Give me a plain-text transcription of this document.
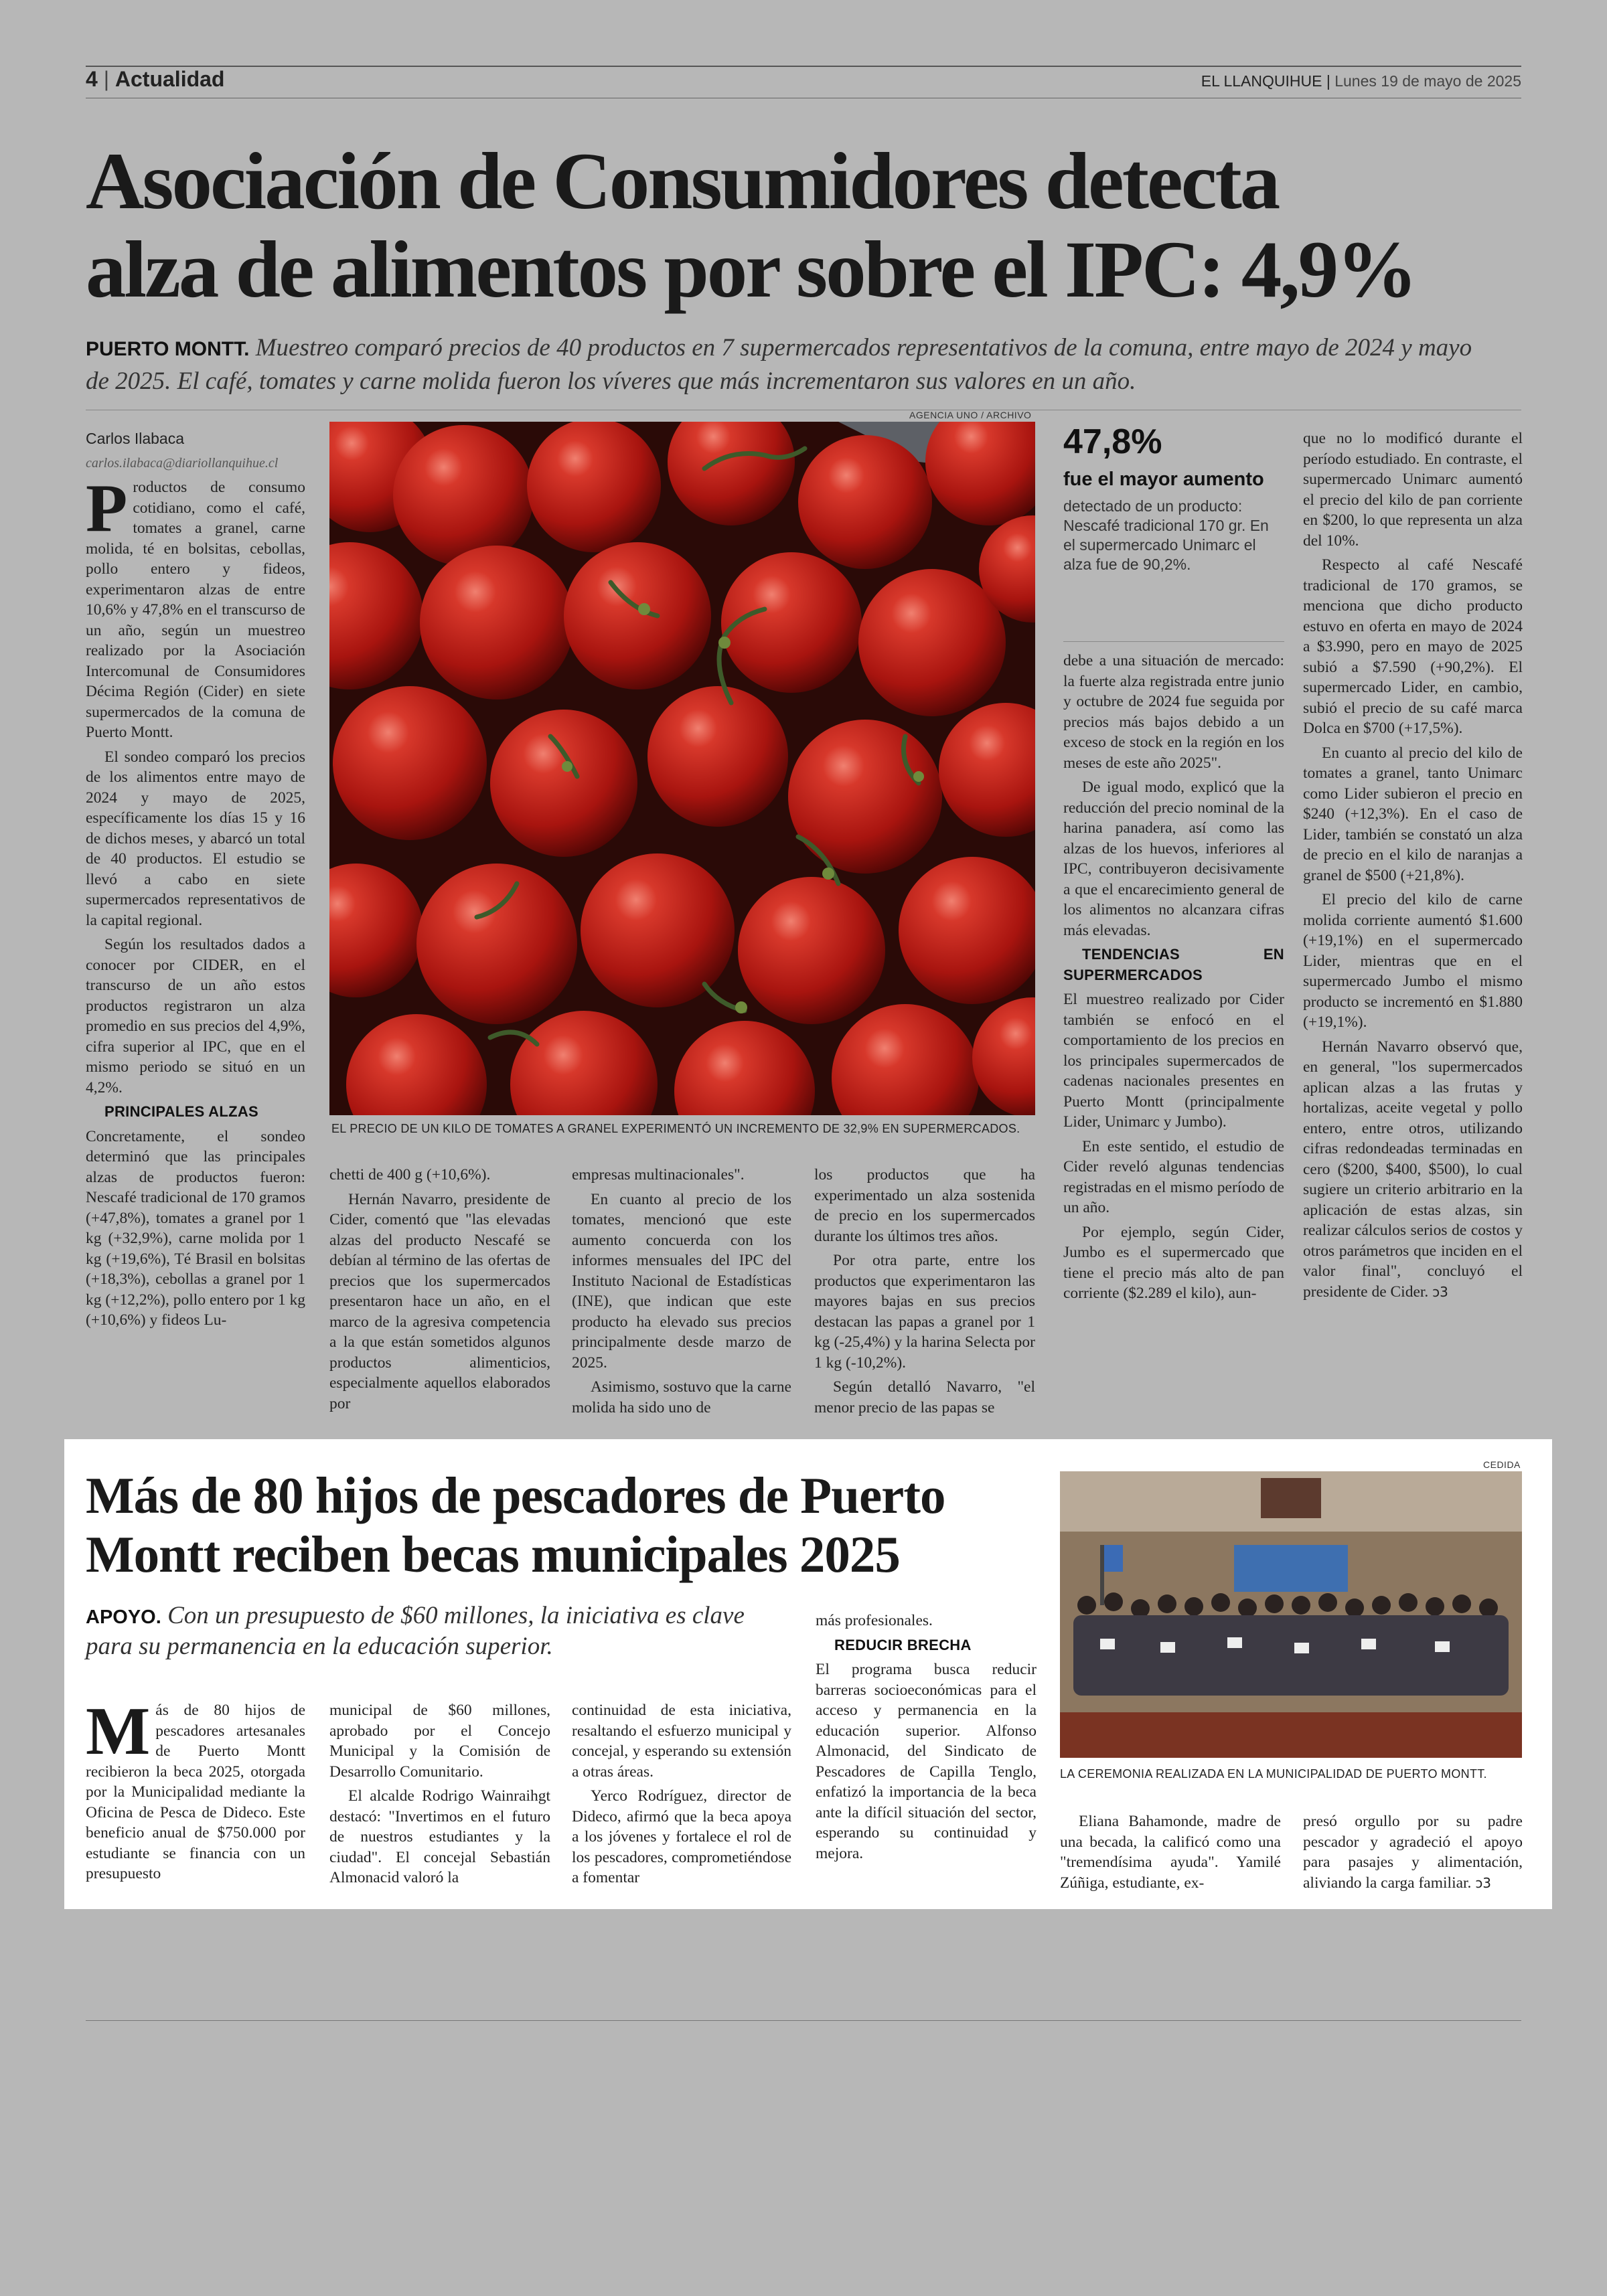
4 | Actualidad	EL LLANQUIHUE | Lunes 19 de mayo de 2025
Asociación de Consumidores detecta
alza de alimentos por sobre el IPC: 4,9%

PUERTO MONTT. Muestreo comparó precios de 40 productos en 7 supermercados representativos de la comuna, entre mayo de 2024 y mayo de 2025. El café, tomates y carne molida fueron los víveres que más incrementaron sus valores en un año.

Carlos Ilabaca

carlos.ilabaca@diariollanquihue.cl

Productos de consumo cotidiano, como el café, tomates a granel, carne molida, té en bolsitas, cebollas, pollo entero y fideos, experimentaron alzas de entre 10,6% y 47,8% en el transcurso de un año, según un muestreo realizado por la Asociación Intercomunal de Consumidores Décima Región (Cider) en siete supermercados de la comuna de Puerto Montt.

El sondeo comparó los precios de los alimentos entre mayo de 2024 y mayo de 2025, específicamente los días 15 y 16 de dichos meses, y abarcó un total de 40 productos. El estudio se llevó a cabo en siete supermercados representativos de la capital regional.

Según los resultados dados a conocer por CIDER, en el transcurso de un año estos productos registraron un alza promedio en sus precios del 4,9%, cifra superior al IPC, que en el mismo periodo se situó en un 4,2%.

PRINCIPALES ALZAS

Concretamente, el sondeo determinó que las principales alzas de productos fueron: Nescafé tradicional de 170 gramos (+47,8%), tomates a granel por 1 kg (+32,9%), carne molida por 1 kg (+19,6%), Té Brasil en bolsitas (+18,3%), cebollas a granel por 1 kg (+12,2%), pollo entero por 1 kg (+10,6%) y fideos Lu-

AGENCIA UNO / ARCHIVO
EL PRECIO DE UN KILO DE TOMATES A GRANEL EXPERIMENTÓ UN INCREMENTO DE 32,9% EN SUPERMERCADOS.

chetti de 400 g (+10,6%).

Hernán Navarro, presidente de Cider, comentó que "las elevadas alzas del producto Nescafé se debían al término de las ofertas de precios que los supermercados presentaron hace un año, en el marco de la agresiva competencia a la que están sometidos algunos productos alimenticios, especialmente aquellos elaborados por

empresas multinacionales".

En cuanto al precio de los tomates, mencionó que este aumento concuerda con los informes mensuales del IPC del Instituto Nacional de Estadísticas (INE), que indican que este producto ha elevado sus precios principalmente desde marzo de 2025.

Asimismo, sostuvo que la carne molida ha sido uno de

los productos que ha experimentado un alza sostenida de precio en los supermercados durante los últimos tres años.

Por otra parte, entre los productos que experimentaron las mayores bajas en sus precios destacan las papas a granel por 1 kg (-25,4%) y la harina Selecta por 1 kg (-10,2%).

Según detalló Navarro, "el menor precio de las papas se

47,8%
fue el mayor aumento
detectado de un producto: Nescafé tradicional 170 gr. En el supermercado Unimarc el alza fue de 90,2%.

debe a una situación de mercado: la fuerte alza registrada entre junio y octubre de 2024 fue seguida por precios más bajos debido a un exceso de stock en la región en los meses de este año 2025".

De igual modo, explicó que la reducción del precio nominal de la harina panadera, así como las alzas de los huevos, inferiores al IPC, contribuyeron decisivamente a que el encarecimiento general de los alimentos no alcanzara cifras más elevadas.

TENDENCIAS EN SUPERMERCADOS

El muestreo realizado por Cider también se enfocó en el comportamiento de los precios en los principales supermercados de cadenas nacionales presentes en Puerto Montt (principalmente Lider, Unimarc y Jumbo).

En este sentido, el estudio de Cider reveló algunas tendencias registradas en el mismo período de un año.

Por ejemplo, según Cider, Jumbo es el supermercado que tiene el precio más alto de pan corriente ($2.289 el kilo), aun-

que no lo modificó durante el período estudiado. En contraste, el supermercado Unimarc aumentó el precio del kilo de pan corriente en $200, lo que representa un alza del 10%.

Respecto al café Nescafé tradicional de 170 gramos, se menciona que dicho producto estuvo en oferta en mayo de 2024 a $3.990, pero en mayo de 2025 subió a $7.590 (+90,2%). El supermercado Lider, en cambio, subió el precio de su café marca Dolca en $700 (+17,5%).

En cuanto al precio del kilo de tomates a granel, tanto Unimarc como Lider subieron el precio en $240 (+12,3%). En el caso de Lider, también se constató un alza de precio en el kilo de naranjas a granel de $500 (+21,8%).

El precio del kilo de carne molida corriente aumentó $1.600 (+19,1%) en el supermercado Lider, mientras que en el supermercado Jumbo el mismo producto se incrementó en $1.880 (+19,1%).

Hernán Navarro observó que, en general, "los supermercados aplican alzas a las frutas y hortalizas, aceite vegetal y pollo entero, entre otros, utilizando cifras redondeadas terminadas en cero ($200, $400, $500), lo cual sugiere un criterio arbitrario en la aplicación de estas alzas, sin realizar cálculos serios de costos y otros parámetros que inciden en el valor final", concluyó el presidente de Cider. ↄ3

Más de 80 hijos de pescadores de Puerto
Montt reciben becas municipales 2025

APOYO. Con un presupuesto de $60 millones, la iniciativa es clave para su permanencia en la educación superior.

Más de 80 hijos de pescadores artesanales de Puerto Montt recibieron la beca 2025, otorgada por la Municipalidad mediante la Oficina de Pesca de Dideco. Este beneficio anual de $750.000 por estudiante se financia con un presupuesto

municipal de $60 millones, aprobado por el Concejo Municipal y la Comisión de Desarrollo Comunitario.

El alcalde Rodrigo Wainraihgt destacó: "Invertimos en el futuro de nuestros estudiantes y la ciudad". El concejal Sebastián Almonacid valoró la

continuidad de esta iniciativa, resaltando el esfuerzo municipal y concejal, y esperando su extensión a otras áreas.

Yerco Rodríguez, director de Dideco, afirmó que la beca apoya a los jóvenes y fortalece el rol de los pescadores, comprometiéndose a fomentar

más profesionales.

REDUCIR BRECHA

El programa busca reducir barreras socioeconómicas para el acceso y permanencia en la educación superior. Alfonso Almonacid, del Sindicato de Pescadores de Capilla Tenglo, enfatizó la importancia de la beca ante la difícil situación del sector, esperando su continuidad y mejora.

CEDIDA
LA CEREMONIA REALIZADA EN LA MUNICIPALIDAD DE PUERTO MONTT.

Eliana Bahamonde, madre de una becada, la calificó como una "tremendísima ayuda". Yamilé Zúñiga, estudiante, ex-

presó orgullo por su padre pescador y agradeció el apoyo para pasajes y alimentación, aliviando la carga familiar. ↄ3
